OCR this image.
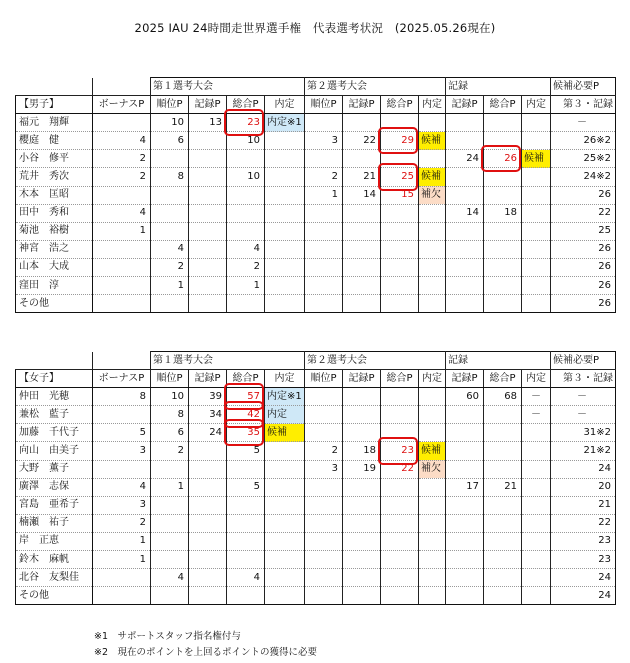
2025 IAU 24時間走世界選手権　代表選考状況　(2025.05.26現在)
		第１選考大会				第２選考大会				記録			候補必要P
【男子】	ボーナスP	順位P	記録P	総合P	内定	順位P	記録P	総合P	内定	記録P	総合P	内定	第３・記録
福元　翔輝		10	13	23	内定※1								－
櫻庭　健	4	6		10		3	22	29	候補				26※2
小谷　修平	2									24	26	候補	25※2
荒井　秀次	2	8		10		2	21	25	候補				24※2
木本　匡昭						1	14	15	補欠				26
田中　秀和	4									14	18		22
菊池　裕樹	1												25
神宮　浩之		4		4									26
山本　大成		2		2									26
窪田　淳		1		1									26
その他													26
		第１選考大会				第２選考大会				記録			候補必要P
【女子】	ボーナスP	順位P	記録P	総合P	内定	順位P	記録P	総合P	内定	記録P	総合P	内定	第３・記録
仲田　光穂	8	10	39	57	内定※1					60	68	－	－
兼松　藍子		8	34	42	内定							－	－
加藤　千代子	5	6	24	35	候補								31※2
向山　由美子	3	2		5		2	18	23	候補				21※2
大野　薫子						3	19	22	補欠				24
廣澤　志保	4	1		5						17	21		20
宮島　亜希子	3												21
楠瀬　祐子	2												22
岸　正恵	1												23
鈴木　麻帆	1												23
北谷　友梨佳		4		4									24
その他													24
※1　サポートスタッフ指名権付与
※2　現在のポイントを上回るポイントの獲得に必要
